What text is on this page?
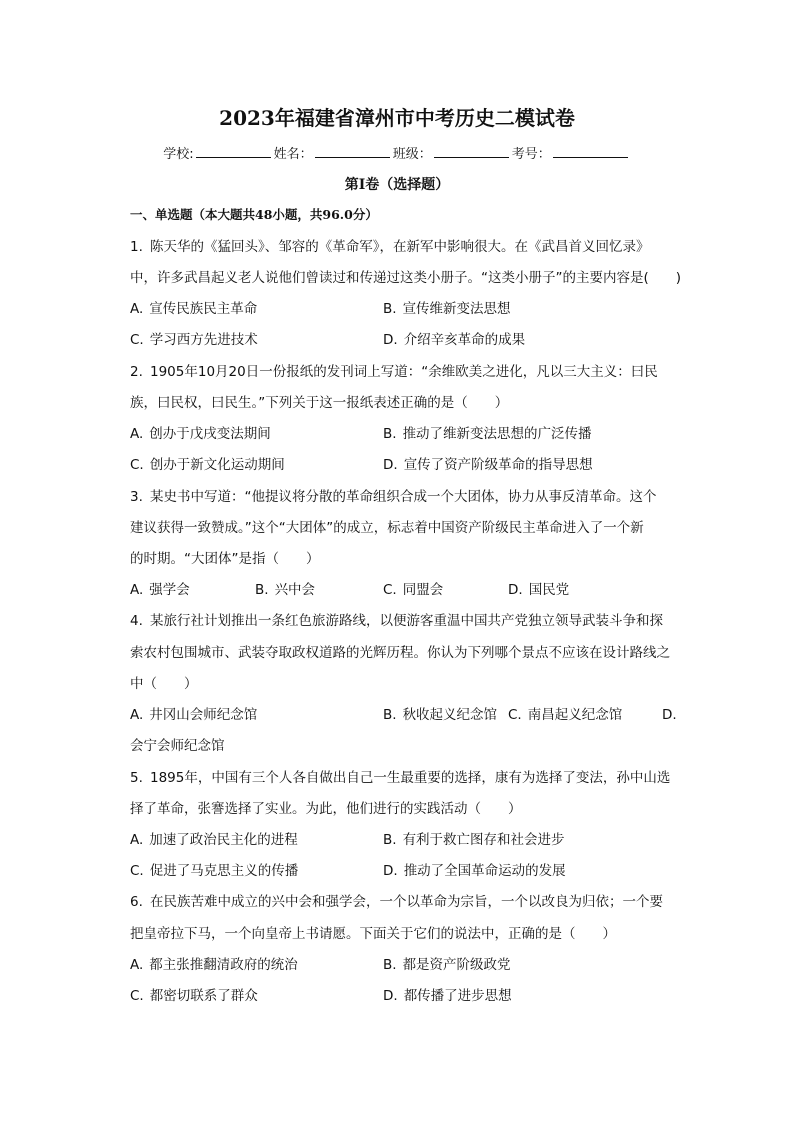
2023年福建省漳州市中考历史二模试卷
学校:	姓名：	班级：	考号：
第Ⅰ卷（选择题）
一、单选题（本大题共48小题，共96.0分）
1. 陈天华的《猛回头》、邹容的《革命军》，在新军中影响很大。在《武昌首义回忆录》
中，许多武昌起义老人说他们曾读过和传递过这类小册子。“这类小册子”的主要内容是(　　)
A. 宣传民族民主革命	B. 宣传维新变法思想
C. 学习西方先进技术	D. 介绍辛亥革命的成果
2. 1905年10月20日一份报纸的发刊词上写道：“余维欧美之进化，凡以三大主义：曰民
族，曰民权，曰民生。”下列关于这一报纸表述正确的是（　　）
A. 创办于戊戌变法期间	B. 推动了维新变法思想的广泛传播
C. 创办于新文化运动期间	D. 宣传了资产阶级革命的指导思想
3. 某史书中写道：“他提议将分散的革命组织合成一个大团体，协力从事反清革命。这个
建议获得一致赞成。”这个“大团体”的成立，标志着中国资产阶级民主革命进入了一个新
的时期。“大团体”是指（　　）
A. 强学会	B. 兴中会	C. 同盟会	D. 国民党
4. 某旅行社计划推出一条红色旅游路线，以便游客重温中国共产党独立领导武装斗争和探
索农村包围城市、武装夺取政权道路的光辉历程。你认为下列哪个景点不应该在设计路线之
中（　　）
A. 井冈山会师纪念馆	B. 秋收起义纪念馆 C. 南昌起义纪念馆	D.
会宁会师纪念馆
5. 1895年，中国有三个人各自做出自己一生最重要的选择，康有为选择了变法，孙中山选
择了革命，张謇选择了实业。为此，他们进行的实践活动（　　）
A. 加速了政治民主化的进程	B. 有利于救亡图存和社会进步
C. 促进了马克思主义的传播	D. 推动了全国革命运动的发展
6. 在民族苦难中成立的兴中会和强学会，一个以革命为宗旨，一个以改良为归依；一个要
把皇帝拉下马，一个向皇帝上书请愿。下面关于它们的说法中，正确的是（　　）
A. 都主张推翻清政府的统治	B. 都是资产阶级政党
C. 都密切联系了群众	D. 都传播了进步思想
